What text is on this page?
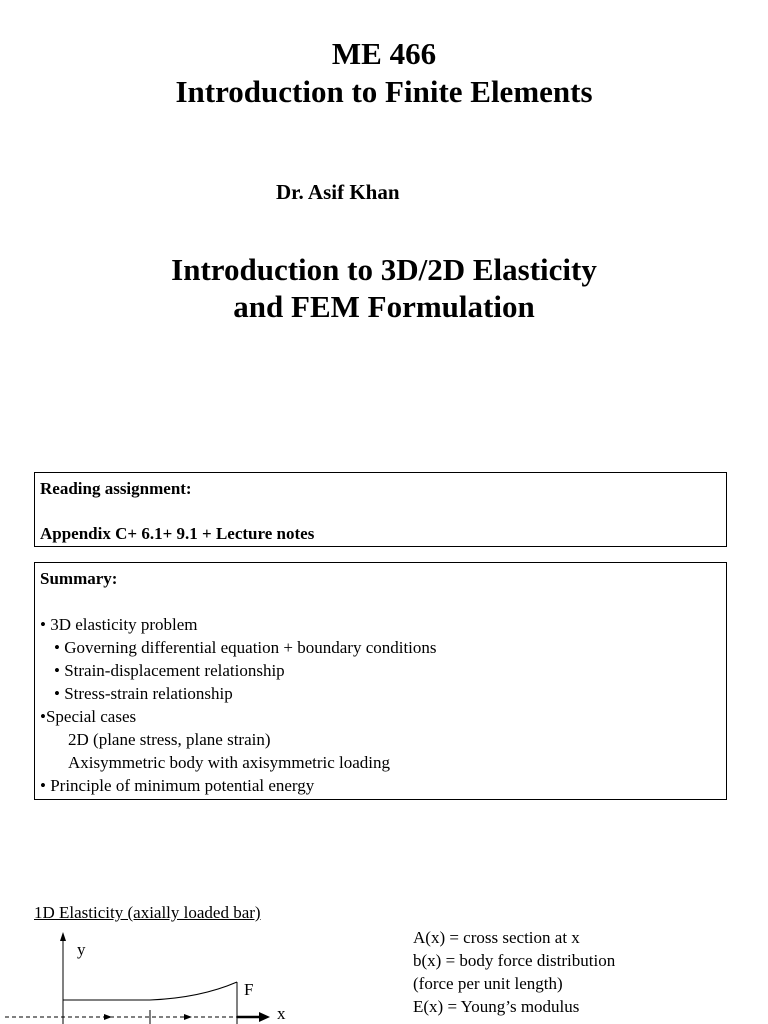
ME 466
Introduction to Finite Elements
Dr. Asif Khan
Introduction to 3D/2D Elasticity
and FEM Formulation
Reading assignment:
Appendix C+ 6.1+ 9.1 + Lecture notes
Summary:
• 3D elasticity problem
• Governing differential equation + boundary conditions
• Strain-displacement relationship
• Stress-strain relationship
•Special cases
2D (plane stress, plane strain)
Axisymmetric body with axisymmetric loading
• Principle of minimum potential energy
1D Elasticity (axially loaded bar)
y
F
x
A(x) = cross section at x
b(x) = body force distribution
(force per unit length)
E(x) = Young’s modulus
